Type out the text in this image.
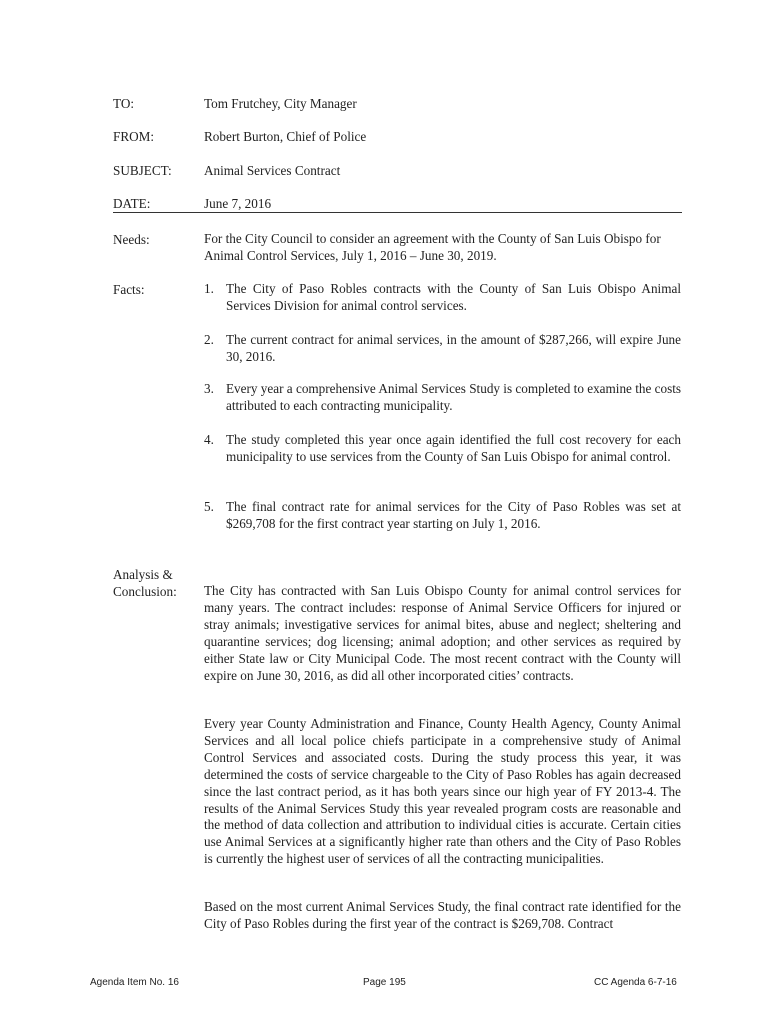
TO:	Tom Frutchey, City Manager
FROM:	Robert Burton, Chief of Police
SUBJECT:	Animal Services Contract
DATE:	June 7, 2016
Needs:	For the City Council to consider an agreement with the County of San Luis Obispo for Animal Control Services, July 1, 2016 – June 30, 2019.
Facts:	1. The City of Paso Robles contracts with the County of San Luis Obispo Animal Services Division for animal control services.
2. The current contract for animal services, in the amount of $287,266, will expire June 30, 2016.
3. Every year a comprehensive Animal Services Study is completed to examine the costs attributed to each contracting municipality.
4. The study completed this year once again identified the full cost recovery for each municipality to use services from the County of San Luis Obispo for animal control.
5. The final contract rate for animal services for the City of Paso Robles was set at $269,708 for the first contract year starting on July 1, 2016.
Analysis &
Conclusion:	The City has contracted with San Luis Obispo County for animal control services for many years. The contract includes: response of Animal Service Officers for injured or stray animals; investigative services for animal bites, abuse and neglect; sheltering and quarantine services; dog licensing; animal adoption; and other services as required by either State law or City Municipal Code. The most recent contract with the County will expire on June 30, 2016, as did all other incorporated cities’ contracts.
Every year County Administration and Finance, County Health Agency, County Animal Services and all local police chiefs participate in a comprehensive study of Animal Control Services and associated costs. During the study process this year, it was determined the costs of service chargeable to the City of Paso Robles has again decreased since the last contract period, as it has both years since our high year of FY 2013-4. The results of the Animal Services Study this year revealed program costs are reasonable and the method of data collection and attribution to individual cities is accurate. Certain cities use Animal Services at a significantly higher rate than others and the City of Paso Robles is currently the highest user of services of all the contracting municipalities.
Based on the most current Animal Services Study, the final contract rate identified for the City of Paso Robles during the first year of the contract is $269,708. Contract
Agenda Item No. 16	Page 195	CC Agenda 6-7-16
